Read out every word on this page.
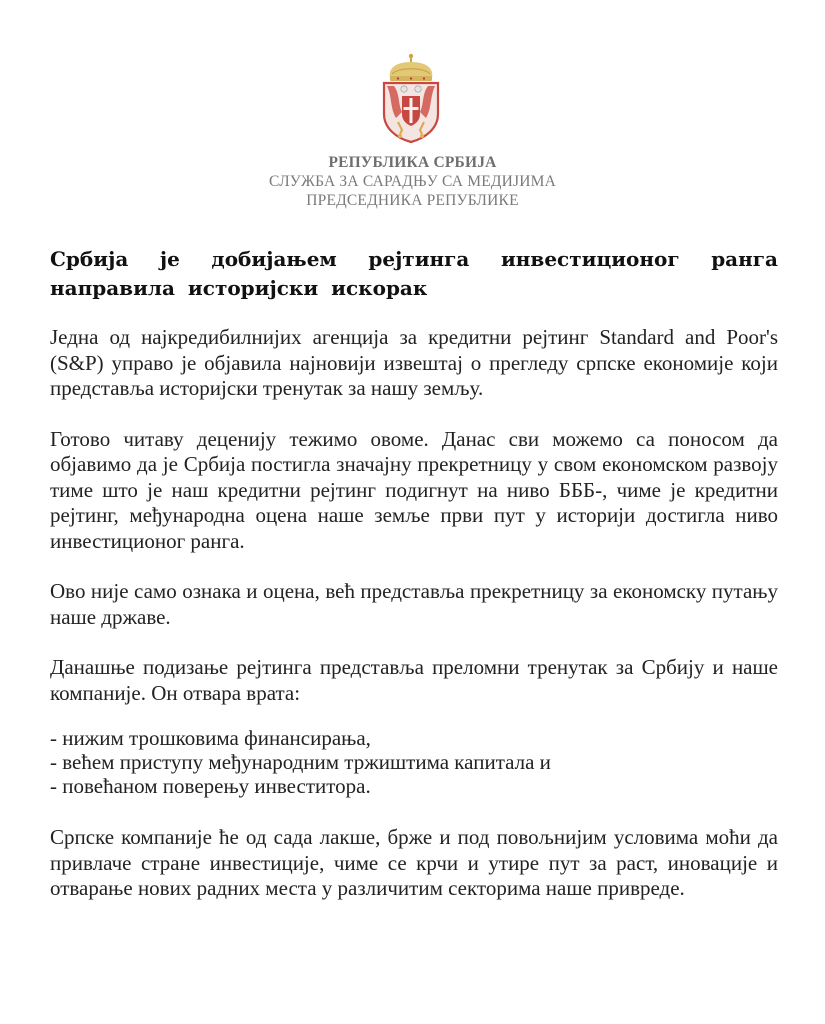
РЕПУБЛИКА СРБИЈА
СЛУЖБА ЗА САРАДЊУ СА МЕДИЈИМА
ПРЕДСЕДНИКА РЕПУБЛИКЕ
Србија је добијањем рејтинга инвестиционог ранга направила историјски искорак

Једна од најкредибилнијих агенција за кредитни рејтинг Standard and Poor's (S&P) управо је објавила најновији извештај о прегледу српске економије који представља историјски тренутак за нашу земљу.

Готово читаву деценију тежимо овоме. Данас сви можемо са поносом да објавимо да је Србија постигла значајну прекретницу у свом економском развоју тиме што је наш кредитни рејтинг подигнут на ниво БББ-, чиме је кредитни рејтинг, међународна оцена наше земље први пут у историји достигла ниво инвестиционог ранга.

Ово није само ознака и оцена, већ представља прекретницу за економску путању наше државе.

Данашње подизање рејтинга представља преломни тренутак за Србију и наше компаније. Он отвара врата:

- нижим трошковима финансирања,
- већем приступу међународним тржиштима капитала и
- повећаном поверењу инвеститора.

Српске компаније ће од сада лакше, брже и под повољнијим условима моћи да привлаче стране инвестиције, чиме се крчи и утире пут за раст, иновације и отварање нових радних места у различитим секторима наше привреде.
